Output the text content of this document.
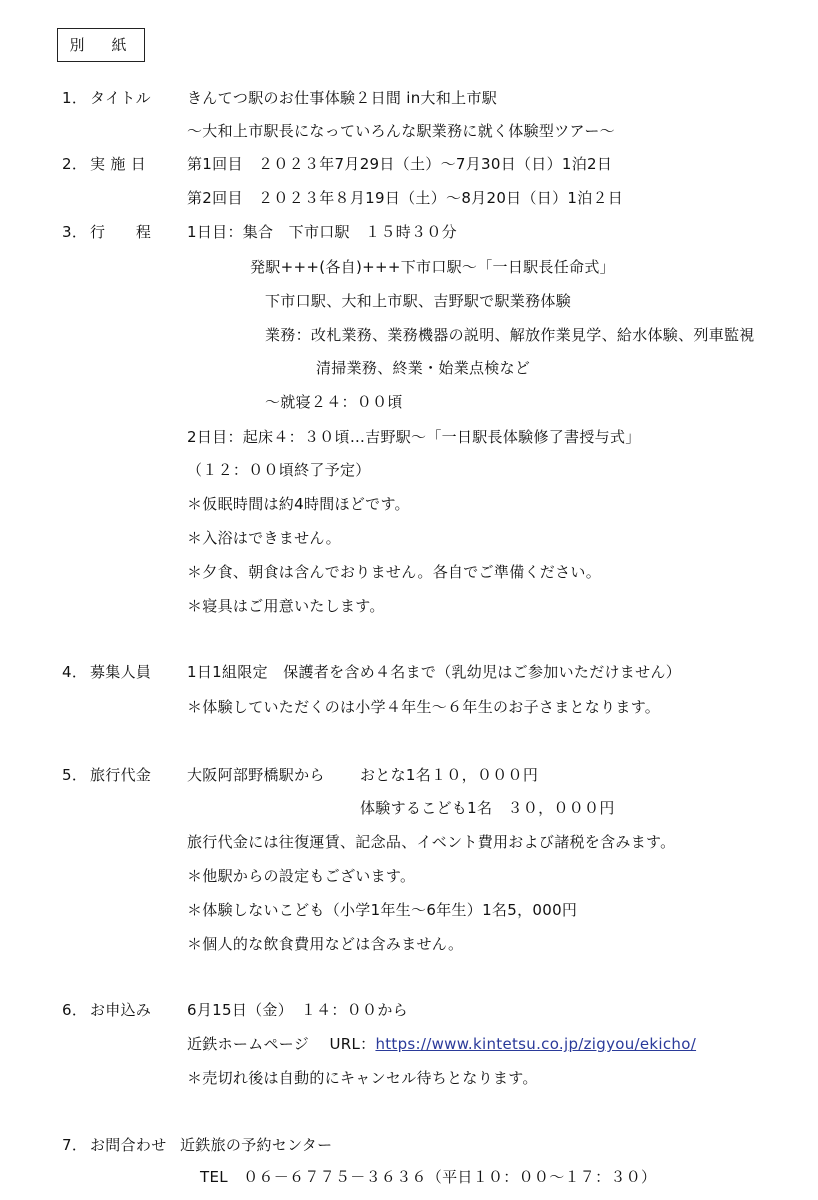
別　紙
1． タイトル きんてつ駅のお仕事体験２日間 in大和上市駅
～大和上市駅長になっていろんな駅業務に就く体験型ツアー～
2． 実 施 日	第1回目　２０２３年7月29日（土）～7月30日（日）1泊2日
第2回目　２０２３年８月19日（土）～8月20日（日）1泊２日
3． 行　　程 1日目：集合　下市口駅　１５時３０分
発駅+++(各自)+++下市口駅～「一日駅長任命式」
下市口駅、大和上市駅、吉野駅で駅業務体験
業務：改札業務、業務機器の説明、解放作業見学、給水体験、列車監視
清掃業務、終業・始業点検など
～就寝２４：００頃
2日目：起床４：３０頃…吉野駅～「一日駅長体験修了書授与式」
（１２：００頃終了予定）
＊仮眠時間は約4時間ほどです。
＊入浴はできません。
＊夕食、朝食は含んでおりません。各自でご準備ください。
＊寝具はご用意いたします。
4． 募集人員 1日1組限定　保護者を含め４名まで（乳幼児はご参加いただけません）
＊体験していただくのは小学４年生～６年生のお子さまとなります。
5． 旅行代金 大阪阿部野橋駅から おとな1名１０，０００円
体験するこども1名　３０，０００円
旅行代金には往復運賃、記念品、イベント費用および諸税を含みます。
＊他駅からの設定もございます。
＊体験しないこども（小学1年生～6年生）1名5，000円
＊個人的な飲食費用などは含みません。
6． お申込み 6月15日（金）　１４：００から
近鉄ホームページ　 URL：https://www.kintetsu.co.jp/zigyou/ekicho/
＊売切れ後は自動的にキャンセル待ちとなります。
7． お問合わせ 近鉄旅の予約センター
TEL　０６－６７７５－３６３６（平日１０：００～１７：３０）
